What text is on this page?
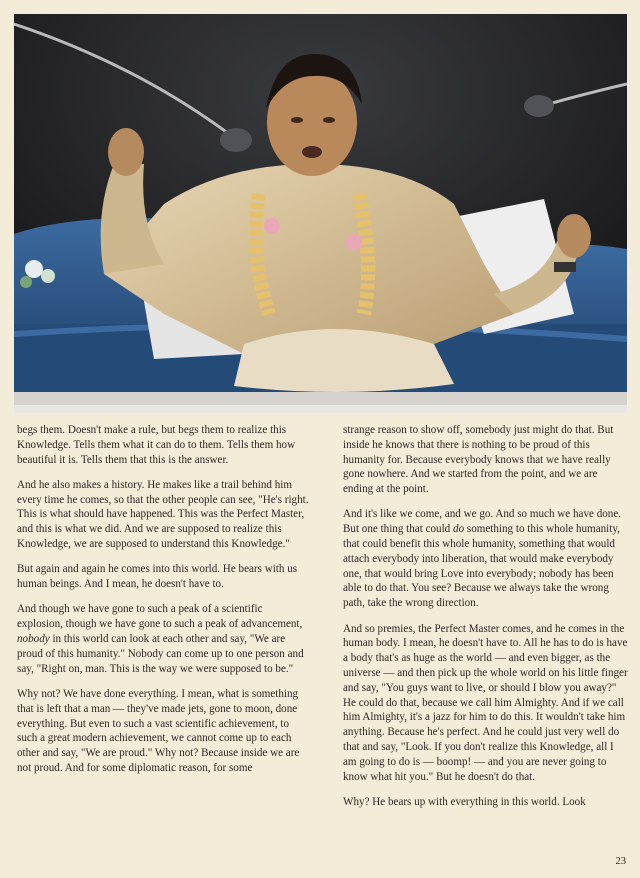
begs them. Doesn't make a rule, but begs them to realize this Knowledge. Tells them what it can do to them. Tells them how beautiful it is. Tells them that this is the answer.

And he also makes a history. He makes like a trail behind him every time he comes, so that the other people can see, "He's right. This is what should have happened. This was the Perfect Master, and this is what we did. And we are supposed to realize this Knowledge, we are supposed to understand this Knowledge."

But again and again he comes into this world. He bears with us human beings. And I mean, he doesn't have to.

And though we have gone to such a peak of a scientific explosion, though we have gone to such a peak of advancement, nobody in this world can look at each other and say, "We are proud of this humanity." Nobody can come up to one person and say, "Right on, man. This is the way we were supposed to be."

Why not? We have done everything. I mean, what is something that is left that a man — they've made jets, gone to moon, done everything. But even to such a vast scientific achievement, to such a great modern achievement, we cannot come up to each other and say, "We are proud." Why not? Because inside we are not proud. And for some diplomatic reason, for some

strange reason to show off, somebody just might do that. But inside he knows that there is nothing to be proud of this humanity for. Because everybody knows that we have really gone nowhere. And we started from the point, and we are ending at the point.

And it's like we come, and we go. And so much we have done. But one thing that could do something to this whole humanity, that could benefit this whole humanity, something that would attach everybody into liberation, that would make everybody one, that would bring Love into everybody; nobody has been able to do that. You see? Because we always take the wrong path, take the wrong direction.

And so premies, the Perfect Master comes, and he comes in the human body. I mean, he doesn't have to. All he has to do is have a body that's as huge as the world — and even bigger, as the universe — and then pick up the whole world on his little finger and say, "You guys want to live, or should I blow you away?" He could do that, because we call him Almighty. And if we call him Almighty, it's a jazz for him to do this. It wouldn't take him anything. Because he's perfect. And he could just very well do that and say, "Look. If you don't realize this Knowledge, all I am going to do is — boomp! — and you are never going to know what hit you." But he doesn't do that.

Why? He bears up with everything in this world. Look

23
